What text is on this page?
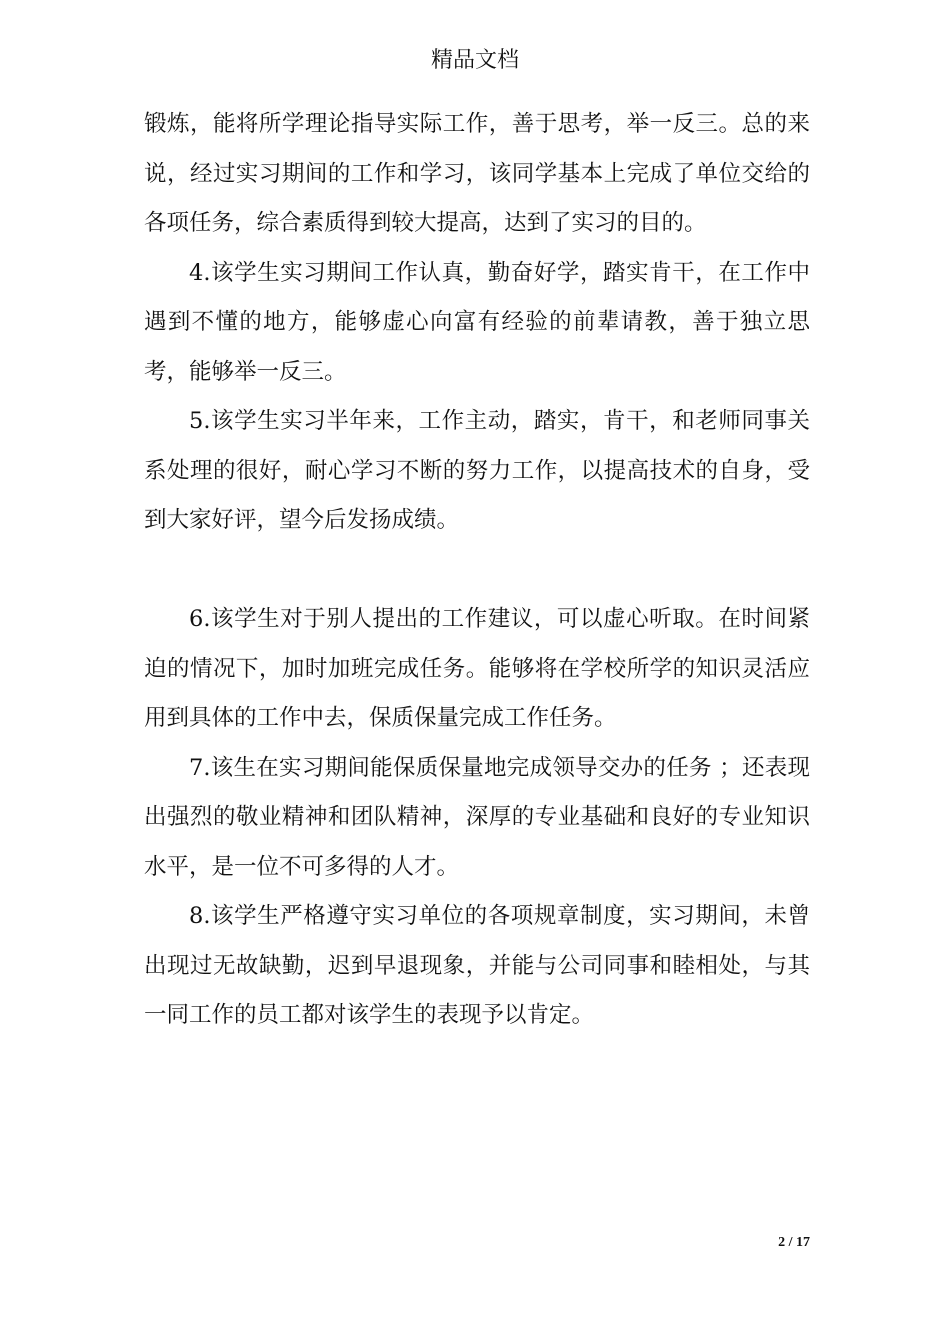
精品文档

锻炼，能将所学理论指导实际工作，善于思考，举一反三。总的来说，经过实习期间的工作和学习，该同学基本上完成了单位交给的各项任务，综合素质得到较大提高，达到了实习的目的。

4.该学生实习期间工作认真，勤奋好学，踏实肯干，在工作中遇到不懂的地方，能够虚心向富有经验的前辈请教，善于独立思考，能够举一反三。

5.该学生实习半年来，工作主动，踏实，肯干，和老师同事关系处理的很好，耐心学习不断的努力工作，以提高技术的自身，受到大家好评，望今后发扬成绩。

6.该学生对于别人提出的工作建议，可以虚心听取。在时间紧迫的情况下，加时加班完成任务。能够将在学校所学的知识灵活应用到具体的工作中去，保质保量完成工作任务。

7.该生在实习期间能保质保量地完成领导交办的任务 ；还表现出强烈的敬业精神和团队精神，深厚的专业基础和良好的专业知识水平，是一位不可多得的人才。

8.该学生严格遵守实习单位的各项规章制度，实习期间，未曾出现过无故缺勤，迟到早退现象，并能与公司同事和睦相处，与其一同工作的员工都对该学生的表现予以肯定。

2 / 17
